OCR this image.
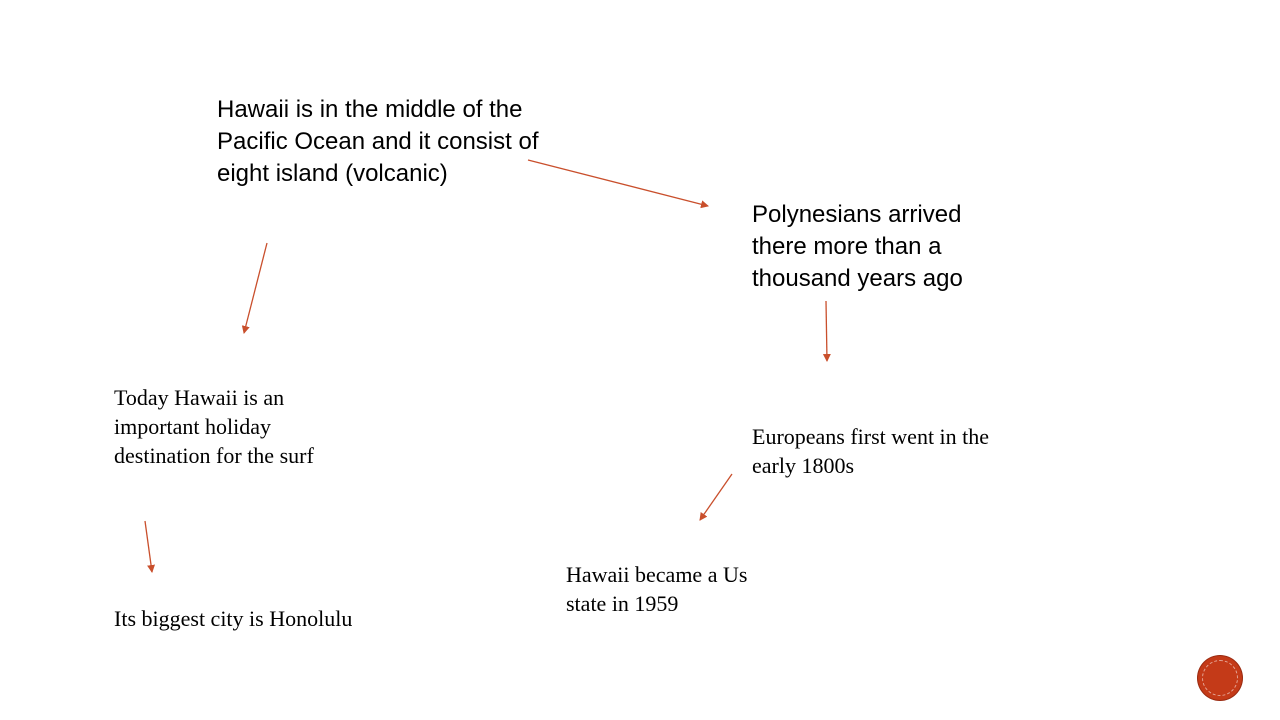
Hawaii is in the middle of the Pacific Ocean and it consist of eight island (volcanic)

Polynesians arrived there more than a thousand years ago

Today Hawaii is an important holiday destination for the surf

Europeans first went in the early 1800s

Hawaii became a Us state in 1959

Its biggest city is Honolulu
